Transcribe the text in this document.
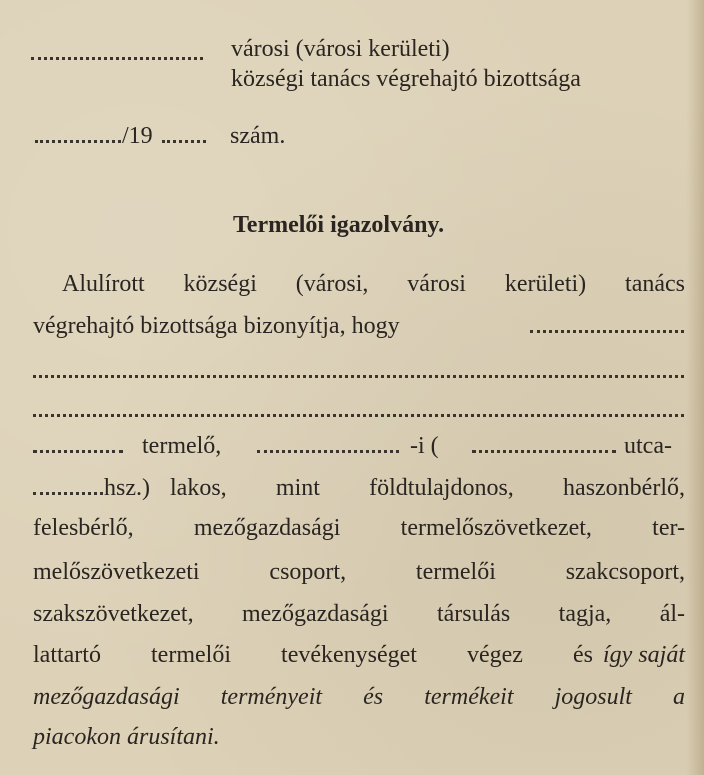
városi (városi kerületi)
községi tanács végrehajtó bizottsága
/19	szám.
Termelői igazolvány.
Alulírott községi (városi, városi kerületi) tanács
végrehajtó bizottsága bizonyítja, hogy
termelő,	-i (	utca-
hsz.) lakos, mint földtulajdonos, haszonbérlő,
felesbérlő, mezőgazdasági termelőszövetkezet, ter-
melőszövetkezeti csoport, termelői szakcsoport,
szakszövetkezet, mezőgazdasági társulás tagja, ál-
lattartó termelői tevékenységet végez és így saját
mezőgazdasági terményeit és termékeit jogosult a
piacokon árusítani.
